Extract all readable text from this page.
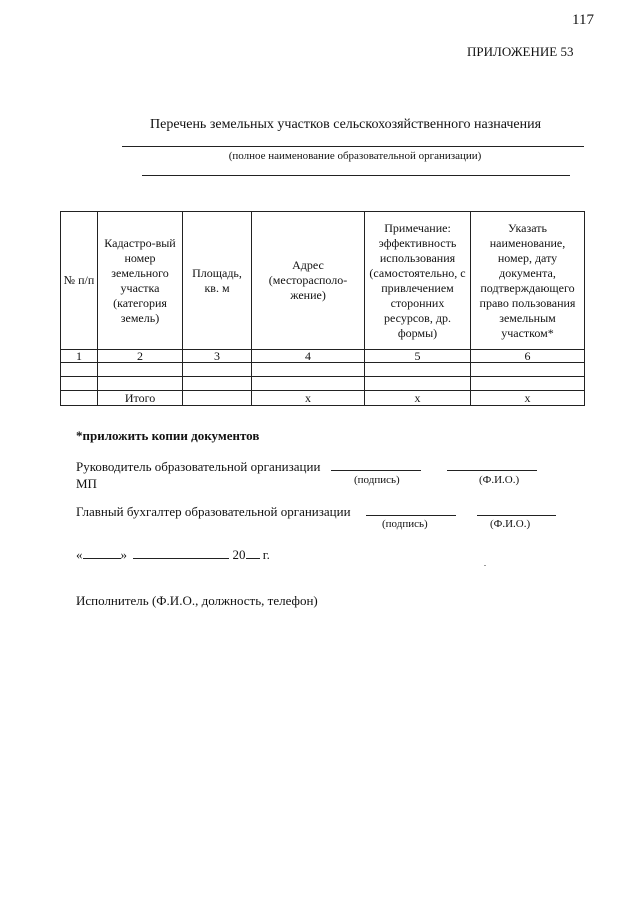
117
ПРИЛОЖЕНИЕ 53
Перечень земельных участков сельскохозяйственного назначения
(полное наименование образовательной организации)
№ п/п	Кадастро-вый номер земельного участка (категория земель)	Площадь, кв. м	Адрес (месторасполо-жение)	Примечание: эффективность использования (самостоятельно, с привлечением сторонних ресурсов, др. формы)	Указать наименование, номер, дату документа, подтверждающего право пользования земельным участком*
1	2	3	4	5	6

	Итого		x	x	x
*приложить копии документов
Руководитель образовательной организации
МП	(подпись)	(Ф.И.О.)
Главный бухгалтер образовательной организации
(подпись)	(Ф.И.О.)
«	»	20 г.
Исполнитель (Ф.И.О., должность, телефон)
